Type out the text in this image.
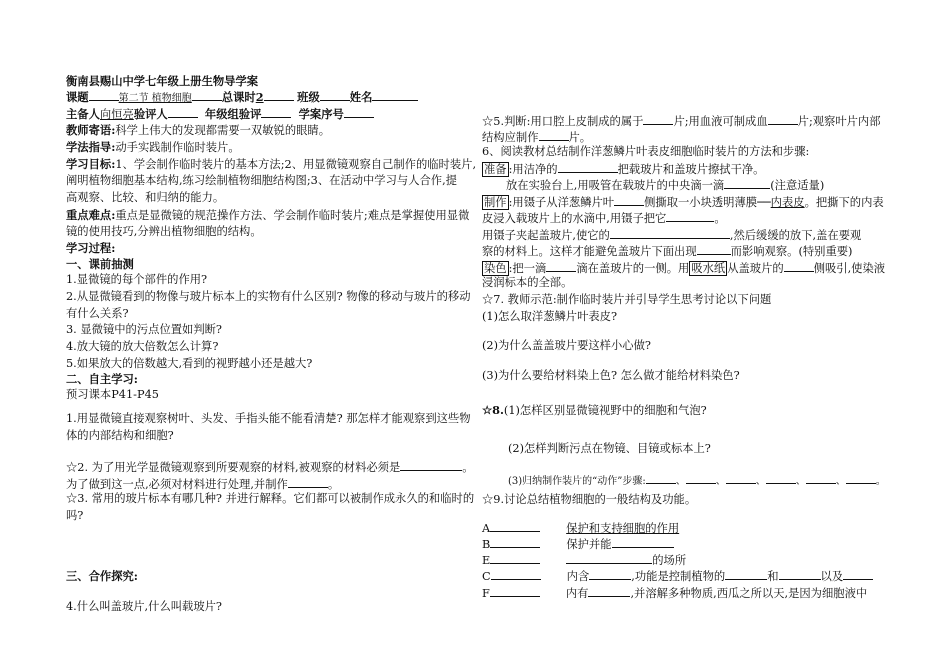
衡南县赐山中学七年级上册生物导学案
课题	第二节 植物细胞	总课时2	班级	姓名
主备人向恒亮验评人	年级组验评	学案序号
教师寄语:科学上伟大的发现都需要一双敏锐的眼睛。
学法指导:动手实践制作临时装片。
学习目标:1、学会制作临时装片的基本方法;2、用显微镜观察自己制作的临时装片,
阐明植物细胞基本结构,练习绘制植物细胞结构图;3、在活动中学习与人合作,提
高观察、比较、和归纳的能力。
重点难点:重点是显微镜的规范操作方法、学会制作临时装片;难点是掌握使用显微
镜的使用技巧,分辨出植物细胞的结构。
学习过程:
一、课前抽测
1.显微镜的每个部件的作用?
2.从显微镜看到的物像与玻片标本上的实物有什么区别? 物像的移动与玻片的移动
有什么关系?
3. 显微镜中的污点位置如判断?
4.放大镜的放大倍数怎么计算?
5.如果放大的倍数越大,看到的视野越小还是越大?
二、自主学习:
预习课本P41-P45
1.用显微镜直接观察树叶、头发、手指头能不能看清楚? 那怎样才能观察到这些物
体的内部结构和细胞?
☆2. 为了用光学显微镜观察到所要观察的材料,被观察的材料必须是	。
为了做到这一点,必须对材料进行处理,并制作	。
☆3. 常用的玻片标本有哪几种? 并进行解释。它们都可以被制作成永久的和临时的
吗?
三、合作探究:
4.什么叫盖玻片,什么叫载玻片?
☆5.判断:用口腔上皮制成的属于	片;用血液可制成血	片;观察叶片内部
结构应制作	片。
6、阅读教材总结制作洋葱鳞片叶表皮细胞临时装片的方法和步骤:
准备 :用洁净的	把载玻片和盖玻片擦拭干净。
放在实验台上,用吸管在载玻片的中央滴一滴	(注意适量)
制作 :用镊子从洋葱鳞片叶	侧撕取一小块透明薄膜──内表皮。把撕下的内表
皮浸入载玻片上的水滴中,用镊子把它	。
用镊子夹起盖玻片,使它的	,然后缓缓的放下,盖在要观
察的材料上。这样才能避免盖玻片下面出现	而影响观察。(特别重要)
染色 :把一滴	滴在盖玻片的一侧。用 吸水纸 从盖玻片的	侧吸引,使染液
浸润标本的全部。
☆7. 教师示范:制作临时装片并引导学生思考讨论以下问题
(1)怎么取洋葱鳞片叶表皮?
(2)为什么盖盖玻片要这样小心做?
(3)为什么要给材料染上色? 怎么做才能给材料染色?
☆8.(1)怎样区别显微镜视野中的细胞和气泡?
(2)怎样判断污点在物镜、目镜或标本上?
(3)归纳制作装片的“动作”步骤:	、	、	、	、	、	。
☆9.讨论总结植物细胞的一般结构及功能。
A	保护和支持细胞的作用
B	保护并能
E	的场所
C	内含	,功能是控制植物的	和	以及
F	内有	,并溶解多种物质,西瓜之所以天,是因为细胞液中
